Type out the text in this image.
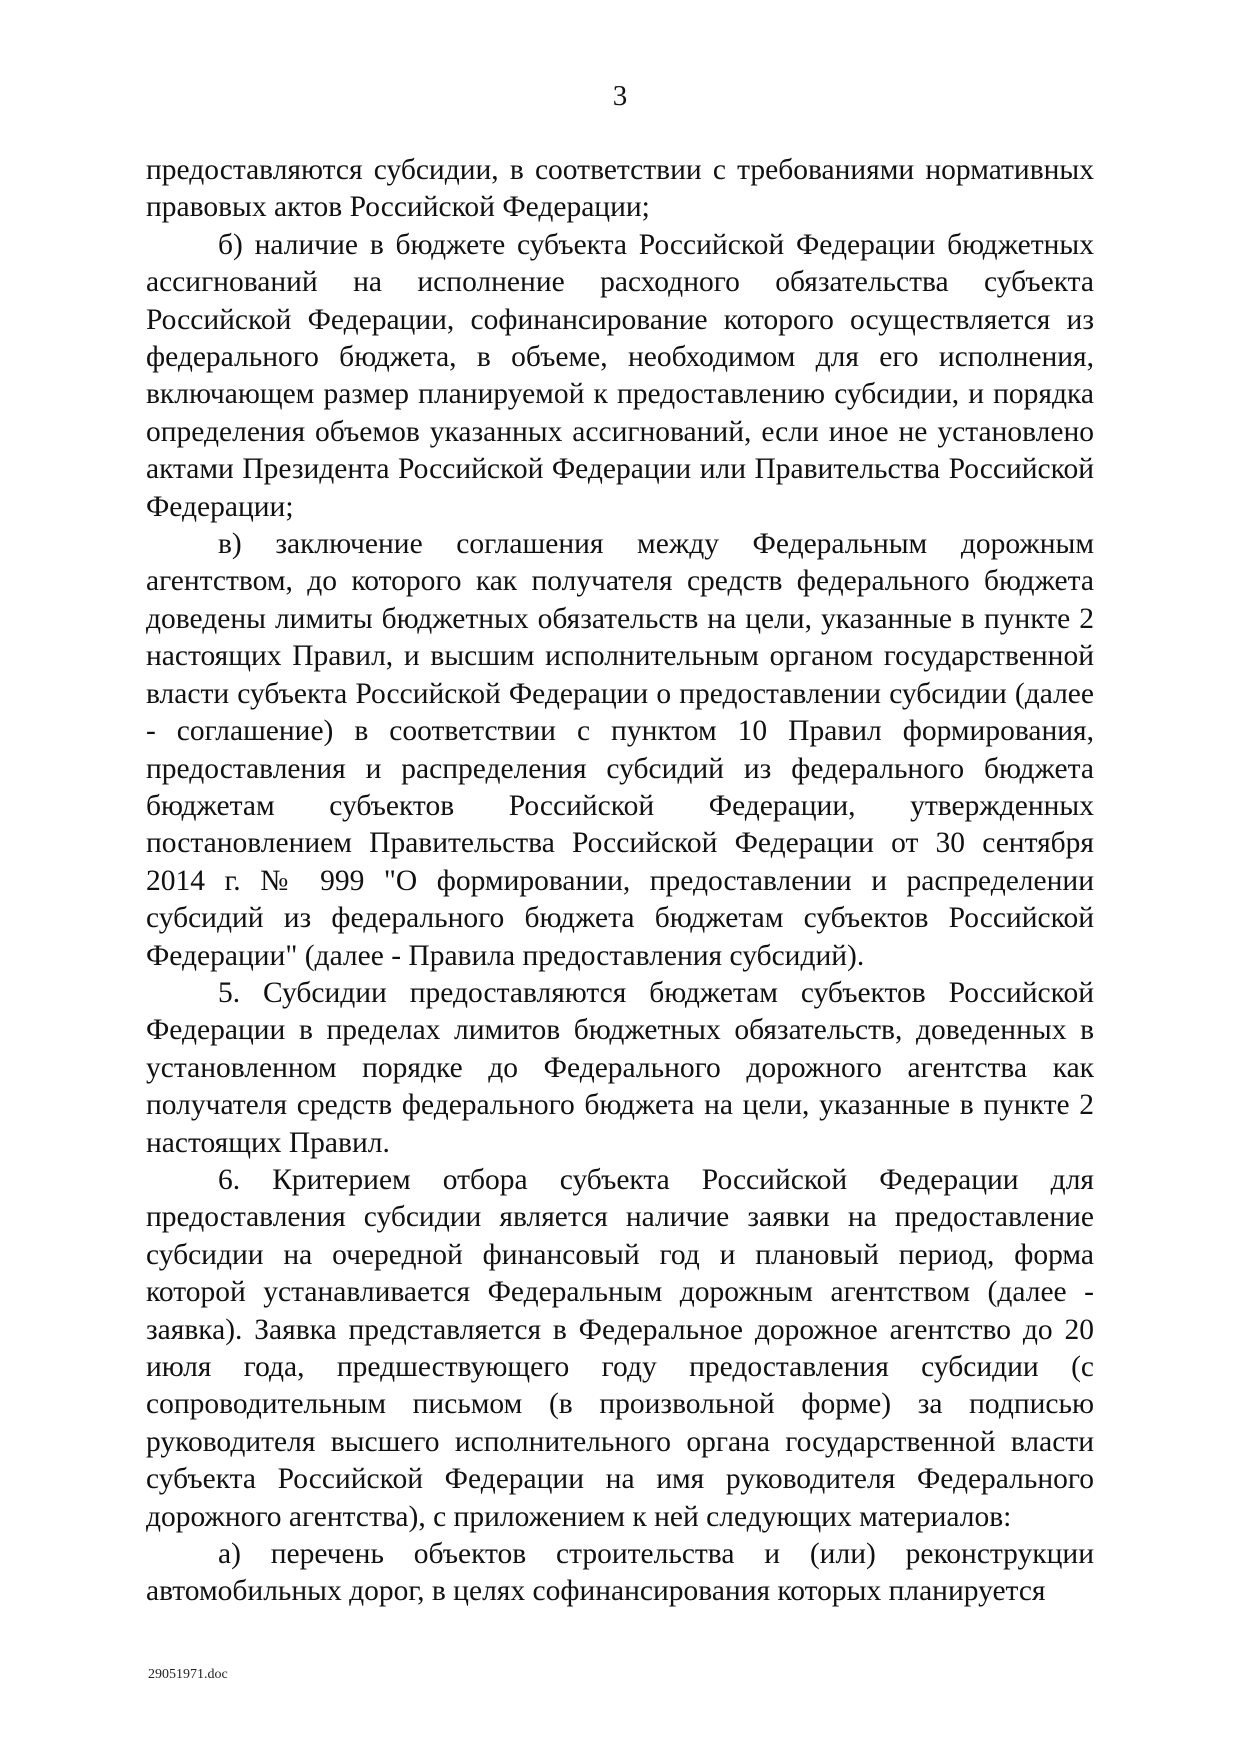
3

предоставляются субсидии, в соответствии с требованиями нормативных правовых актов Российской Федерации;

б) наличие в бюджете субъекта Российской Федерации бюджетных ассигнований на исполнение расходного обязательства субъекта Российской Федерации, софинансирование которого осуществляется из федерального бюджета, в объеме, необходимом для его исполнения, включающем размер планируемой к предоставлению субсидии, и порядка определения объемов указанных ассигнований, если иное не установлено актами Президента Российской Федерации или Правительства Российской Федерации;

в) заключение соглашения между Федеральным дорожным агентством, до которого как получателя средств федерального бюджета доведены лимиты бюджетных обязательств на цели, указанные в пункте 2 настоящих Правил, и высшим исполнительным органом государственной власти субъекта Российской Федерации о предоставлении субсидии (далее - соглашение) в соответствии с пунктом 10 Правил формирования, предоставления и распределения субсидий из федерального бюджета бюджетам субъектов Российской Федерации, утвержденных постановлением Правительства Российской Федерации от 30 сентября 2014 г. № 999 "О формировании, предоставлении и распределении субсидий из федерального бюджета бюджетам субъектов Российской Федерации" (далее - Правила предоставления субсидий).

5. Субсидии предоставляются бюджетам субъектов Российской Федерации в пределах лимитов бюджетных обязательств, доведенных в установленном порядке до Федерального дорожного агентства как получателя средств федерального бюджета на цели, указанные в пункте 2 настоящих Правил.

6. Критерием отбора субъекта Российской Федерации для предоставления субсидии является наличие заявки на предоставление субсидии на очередной финансовый год и плановый период, форма которой устанавливается Федеральным дорожным агентством (далее - заявка). Заявка представляется в Федеральное дорожное агентство до 20 июля года, предшествующего году предоставления субсидии (с сопроводительным письмом (в произвольной форме) за подписью руководителя высшего исполнительного органа государственной власти субъекта Российской Федерации на имя руководителя Федерального дорожного агентства), с приложением к ней следующих материалов:

а) перечень объектов строительства и (или) реконструкции автомобильных дорог, в целях софинансирования которых планируется

29051971.doc
